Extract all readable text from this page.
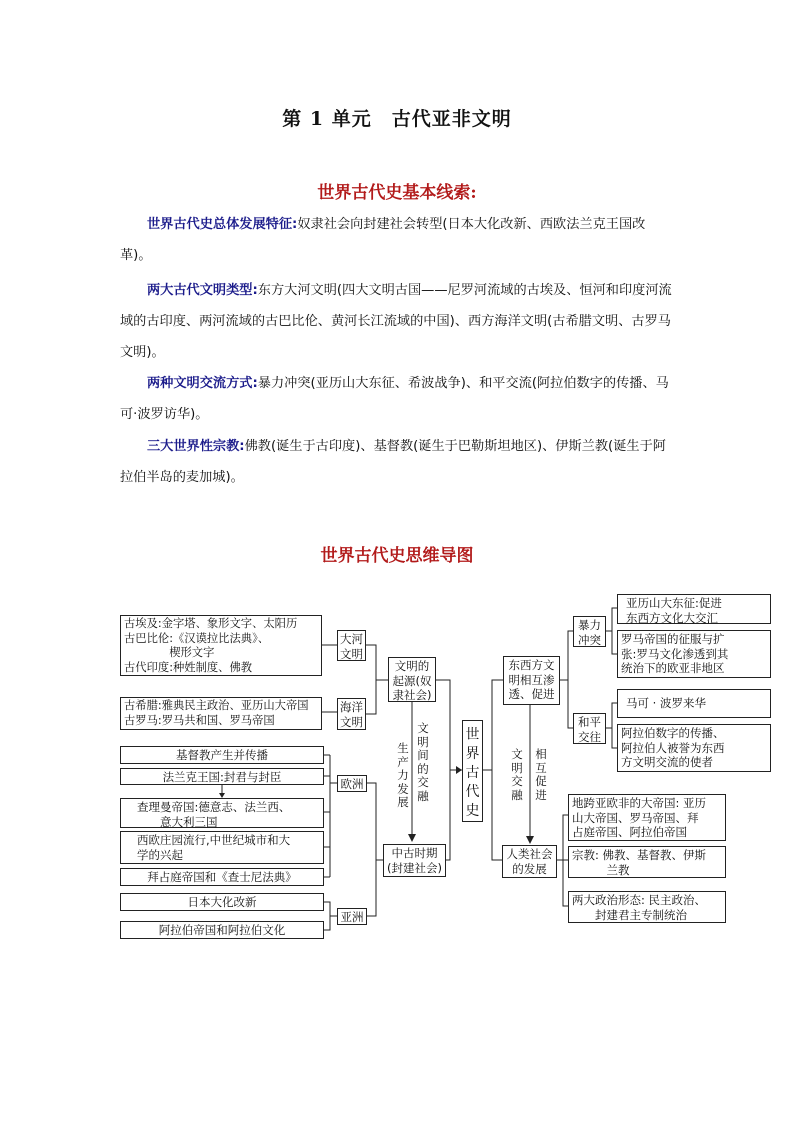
第 1 单元　古代亚非文明
世界古代史基本线索:
世界古代史总体发展特征:奴隶社会向封建社会转型(日本大化改新、西欧法兰克王国改革)。
两大古代文明类型:东方大河文明(四大文明古国——尼罗河流域的古埃及、恒河和印度河流域的古印度、两河流域的古巴比伦、黄河长江流域的中国)、西方海洋文明(古希腊文明、古罗马文明)。
两种文明交流方式:暴力冲突(亚历山大东征、希波战争)、和平交流(阿拉伯数字的传播、马可·波罗访华)。
三大世界性宗教:佛教(诞生于古印度)、基督教(诞生于巴勒斯坦地区)、伊斯兰教(诞生于阿拉伯半岛的麦加城)。
世界古代史思维导图
古埃及:金字塔、象形文字、太阳历
古巴比伦:《汉谟拉比法典》、
　　　　楔形文字
古代印度:种姓制度、佛教
古希腊:雅典民主政治、亚历山大帝国
古罗马:罗马共和国、罗马帝国
基督教产生并传播
法兰克王国:封君与封臣
查理曼帝国:德意志、法兰西、
　　意大利三国
西欧庄园流行,中世纪城市和大
学的兴起
拜占庭帝国和《查士尼法典》
日本大化改新
阿拉伯帝国和阿拉伯文化
大河
文明
海洋
文明
欧洲
亚洲
文明的
起源(奴
隶社会)
中古时期
(封建社会)
生产力发展
文明间的交融
世界古代史
东西方文
明相互渗
透、促进
文明交融
相互促进
人类社会
的发展
暴力
冲突
和平
交往
亚历山大东征:促进
东西方文化大交汇
罗马帝国的征服与扩
张:罗马文化渗透到其
统治下的欧亚非地区
马可 · 波罗来华
阿拉伯数字的传播、
阿拉伯人被誉为东西
方文明交流的使者
地跨亚欧非的大帝国: 亚历
山大帝国、罗马帝国、拜
占庭帝国、阿拉伯帝国
宗教: 佛教、基督教、伊斯
　　　兰教
两大政治形态: 民主政治、
　　封建君主专制统治
